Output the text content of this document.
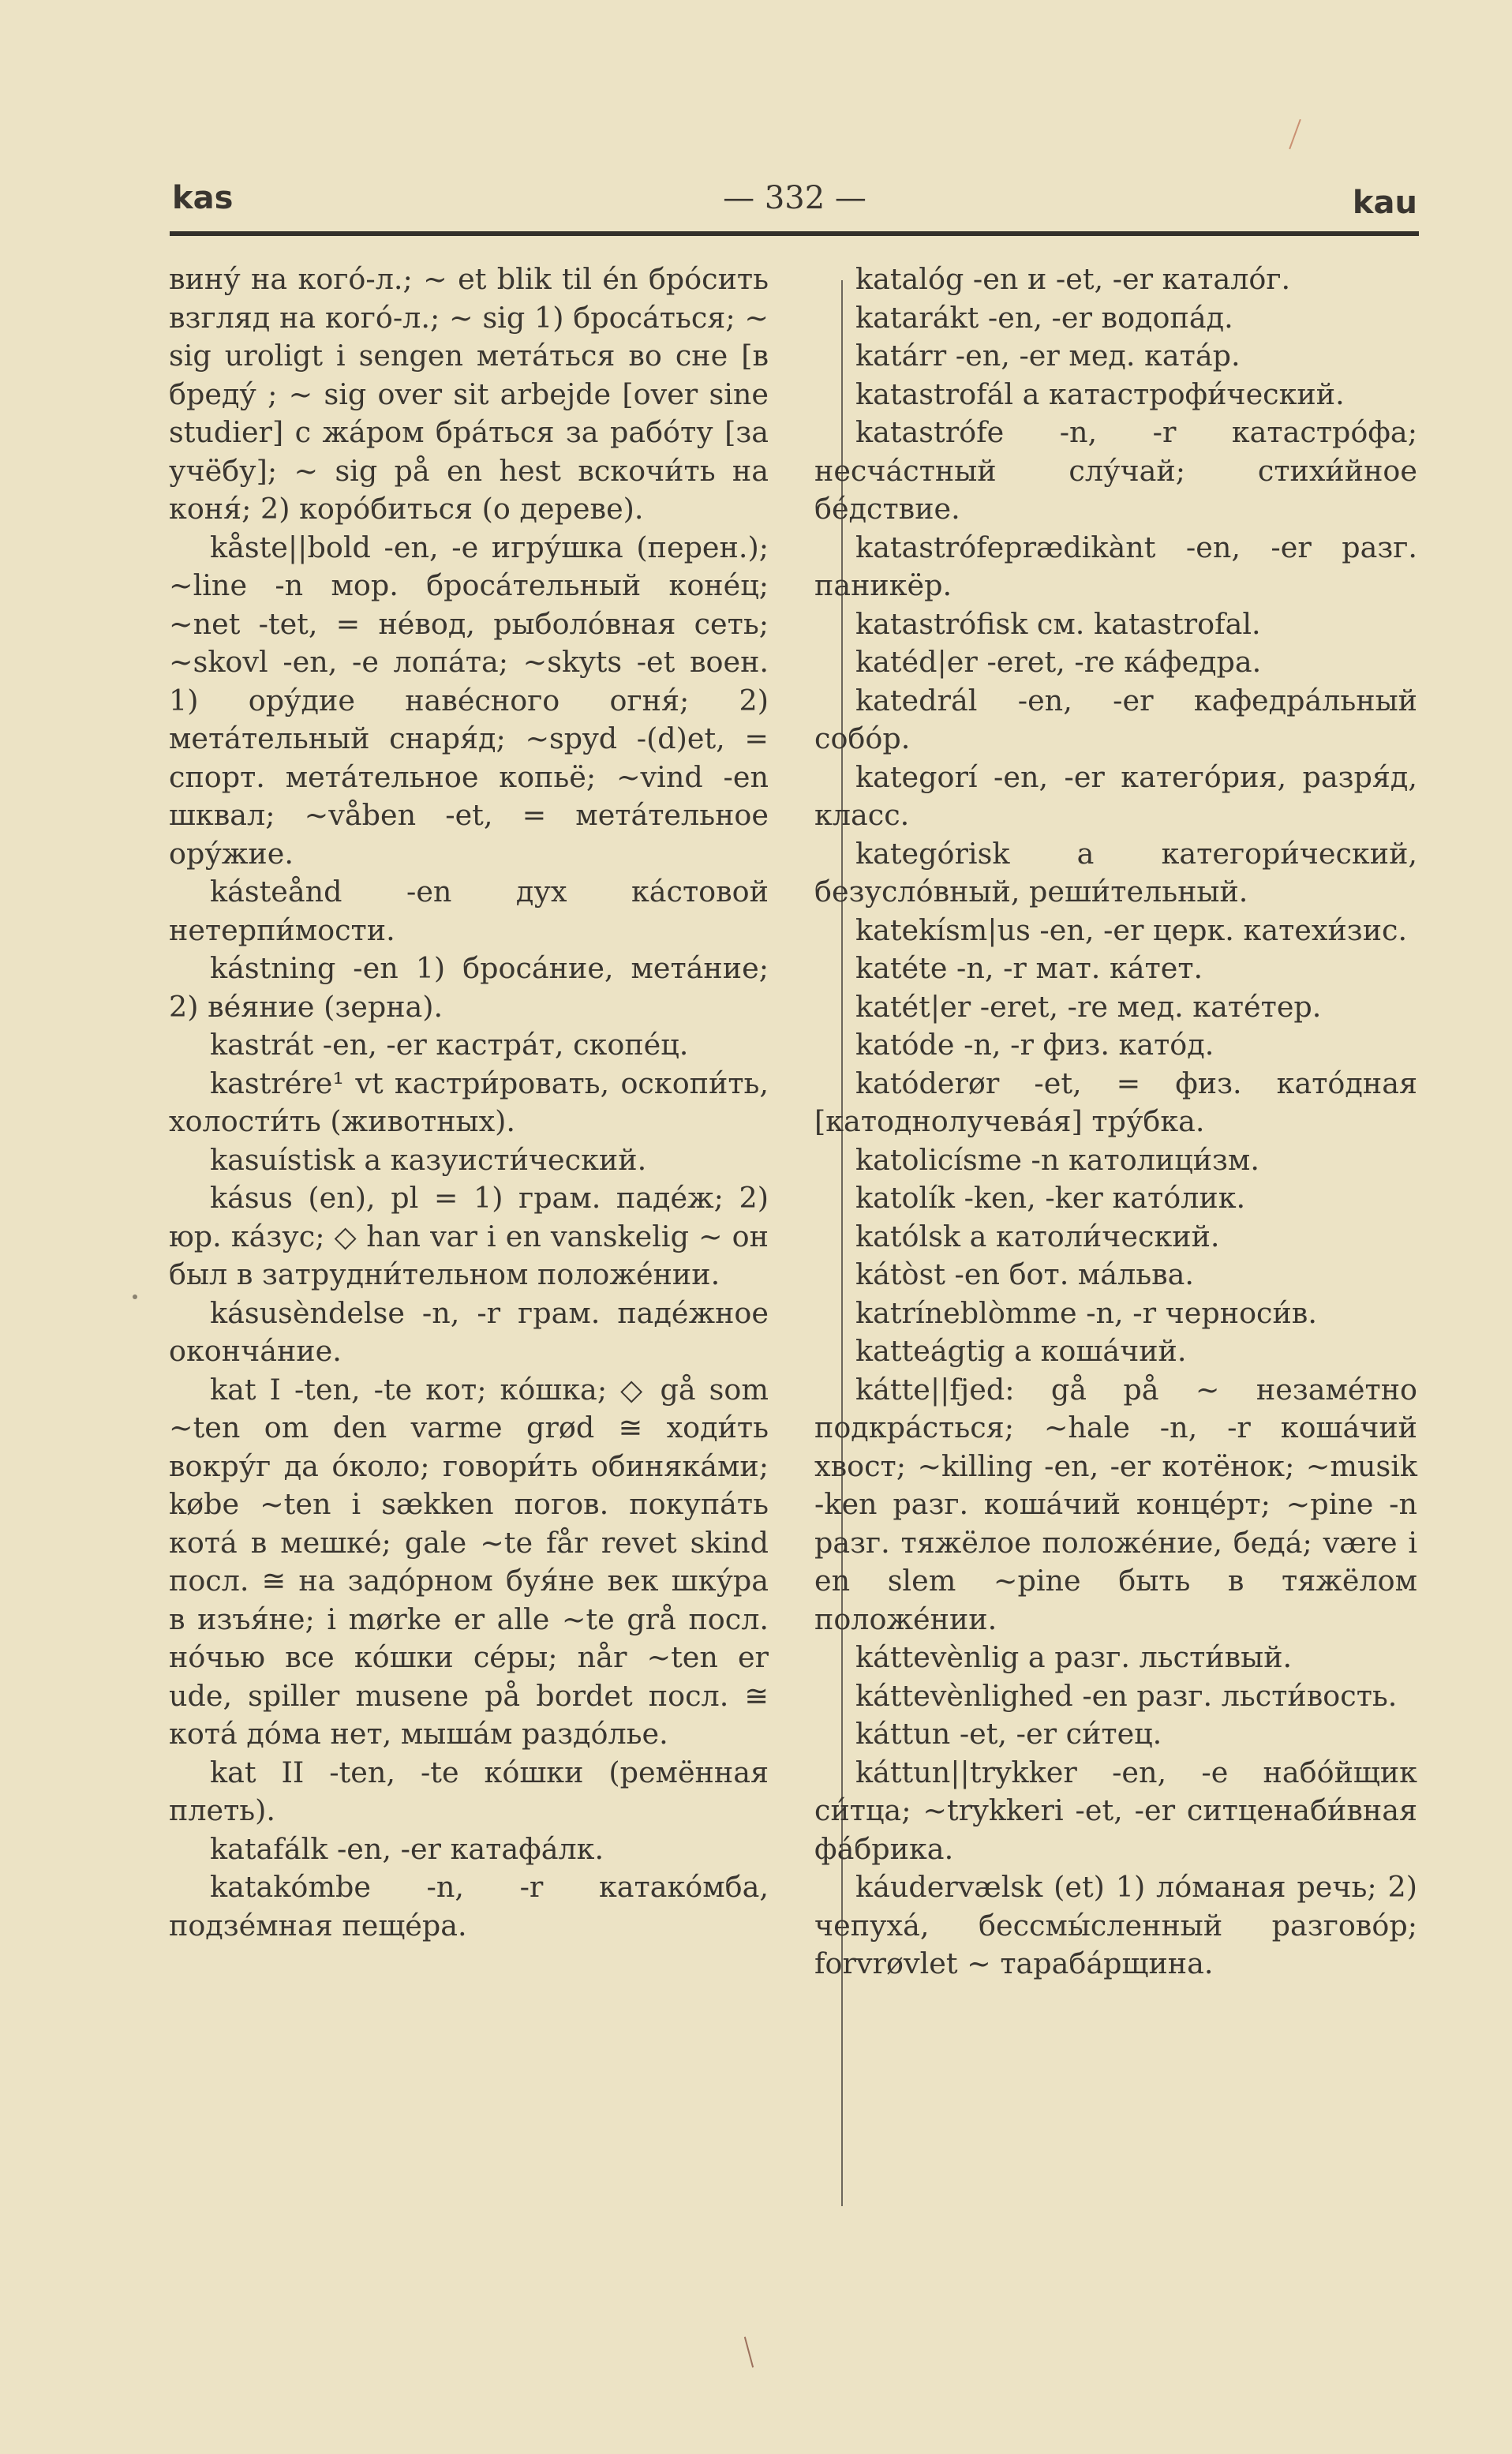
kas	— 332 —	kau

вину́ на кого́-л.; ~ et blik til én бро́сить взгляд на кого́-л.; ~ sig 1) броса́ться; ~ sig uroligt i sengen мета́ться во сне [в бреду́ ; ~ sig over sit arbejde [over sine studier] с жа́ром бра́ться за рабо́ту [за учёбу]; ~ sig på en hest вскочи́ть на коня́; 2) коро́биться (о дереве).

kåste||bold -en, -e игру́шка (перен.); ~line -n мор. броса́тельный коне́ц; ~net -tet, = не́вод, рыболо́вная сеть; ~skovl -en, -e лопа́та; ~skyts -et воен. 1) ору́дие наве́сного огня́; 2) мета́тельный снаря́д; ~spyd -(d)et, = спорт. мета́тельное копьё; ~vind -en шквал; ~våben -et, = мета́тельное ору́жие.

kásteånd -en дух ка́стовой нетерпи́мости.

kástning -en 1) броса́ние, мета́ние; 2) ве́яние (зерна).

kastrát -en, -er кастра́т, скопе́ц.

kastrére¹ vt кастри́ровать, оскопи́ть, холости́ть (животных).

kasuístisk a казуисти́ческий.

kásus (en), pl = 1) грам. паде́ж; 2) юр. ка́зус; ◇ han var i en vanskelig ~ он был в затрудни́тельном положе́нии.

kásusèndelse -n, -r грам. паде́жное оконча́ние.

kat I -ten, -te кот; ко́шка; ◇ gå som ~ten om den varme grød ≅ ходи́ть вокру́г да о́коло; говори́ть обиняка́ми; købe ~ten i sækken погов. покупа́ть кота́ в мешке́; gale ~te får revet skind посл. ≅ на задо́рном буя́не век шку́ра в изъя́не; i mørke er alle ~te grå посл. но́чью все ко́шки се́ры; når ~ten er ude, spiller musene på bordet посл. ≅ кота́ до́ма нет, мыша́м раздо́лье.

kat II -ten, -te ко́шки (ремённая плеть).

katafálk -en, -er катафа́лк.

katakómbe -n, -r катако́мба, подзе́мная пеще́ра.

katalóg -en и -et, -er катало́г.

katarákt -en, -er водопа́д.

katárr -en, -er мед. ката́р.

katastrofál a катастрофи́ческий.

katastrófe -n, -r катастро́фа; несча́стный слу́чай; стихи́йное бе́дствие.

katastrófeprædikànt -en, -er разг. паникёр.

katastrófisk см. katastrofal.

katéd|er -eret, -re ка́федра.

katedrál -en, -er кафедра́льный собо́р.

kategorí -en, -er катего́рия, разря́д, класс.

kategórisk a категори́ческий, безусло́вный, реши́тельный.

katekísm|us -en, -er церк. катехи́зис.

katéte -n, -r мат. ка́тет.

katét|er -eret, -re мед. кате́тер.

katóde -n, -r физ. като́д.

katóderør -et, = физ. като́дная [катоднолучева́я] тру́бка.

katolicísme -n католици́зм.

katolík -ken, -ker като́лик.

katólsk a католи́ческий.

kátòst -en бот. ма́льва.

katríneblòmme -n, -r черноси́в.

katteágtig a коша́чий.

kátte||fjed: gå på ~ незаме́тно подкра́сться; ~hale -n, -r коша́чий хвост; ~killing -en, -er котёнок; ~musik -ken разг. коша́чий конце́рт; ~pine -n разг. тяжёлое положе́ние, беда́; være i en slem ~pine быть в тяжёлом положе́нии.

káttevènlig a разг. льсти́вый.

káttevènlighed -en разг. льсти́вость.

káttun -et, -er си́тец.

káttun||trykker -en, -e набо́йщик си́тца; ~trykkeri -et, -er ситценаби́вная фа́брика.

káudervælsk (et) 1) ло́маная речь; 2) чепуха́, бессмы́сленный разгово́р; forvrøvlet ~ тараба́рщина.
